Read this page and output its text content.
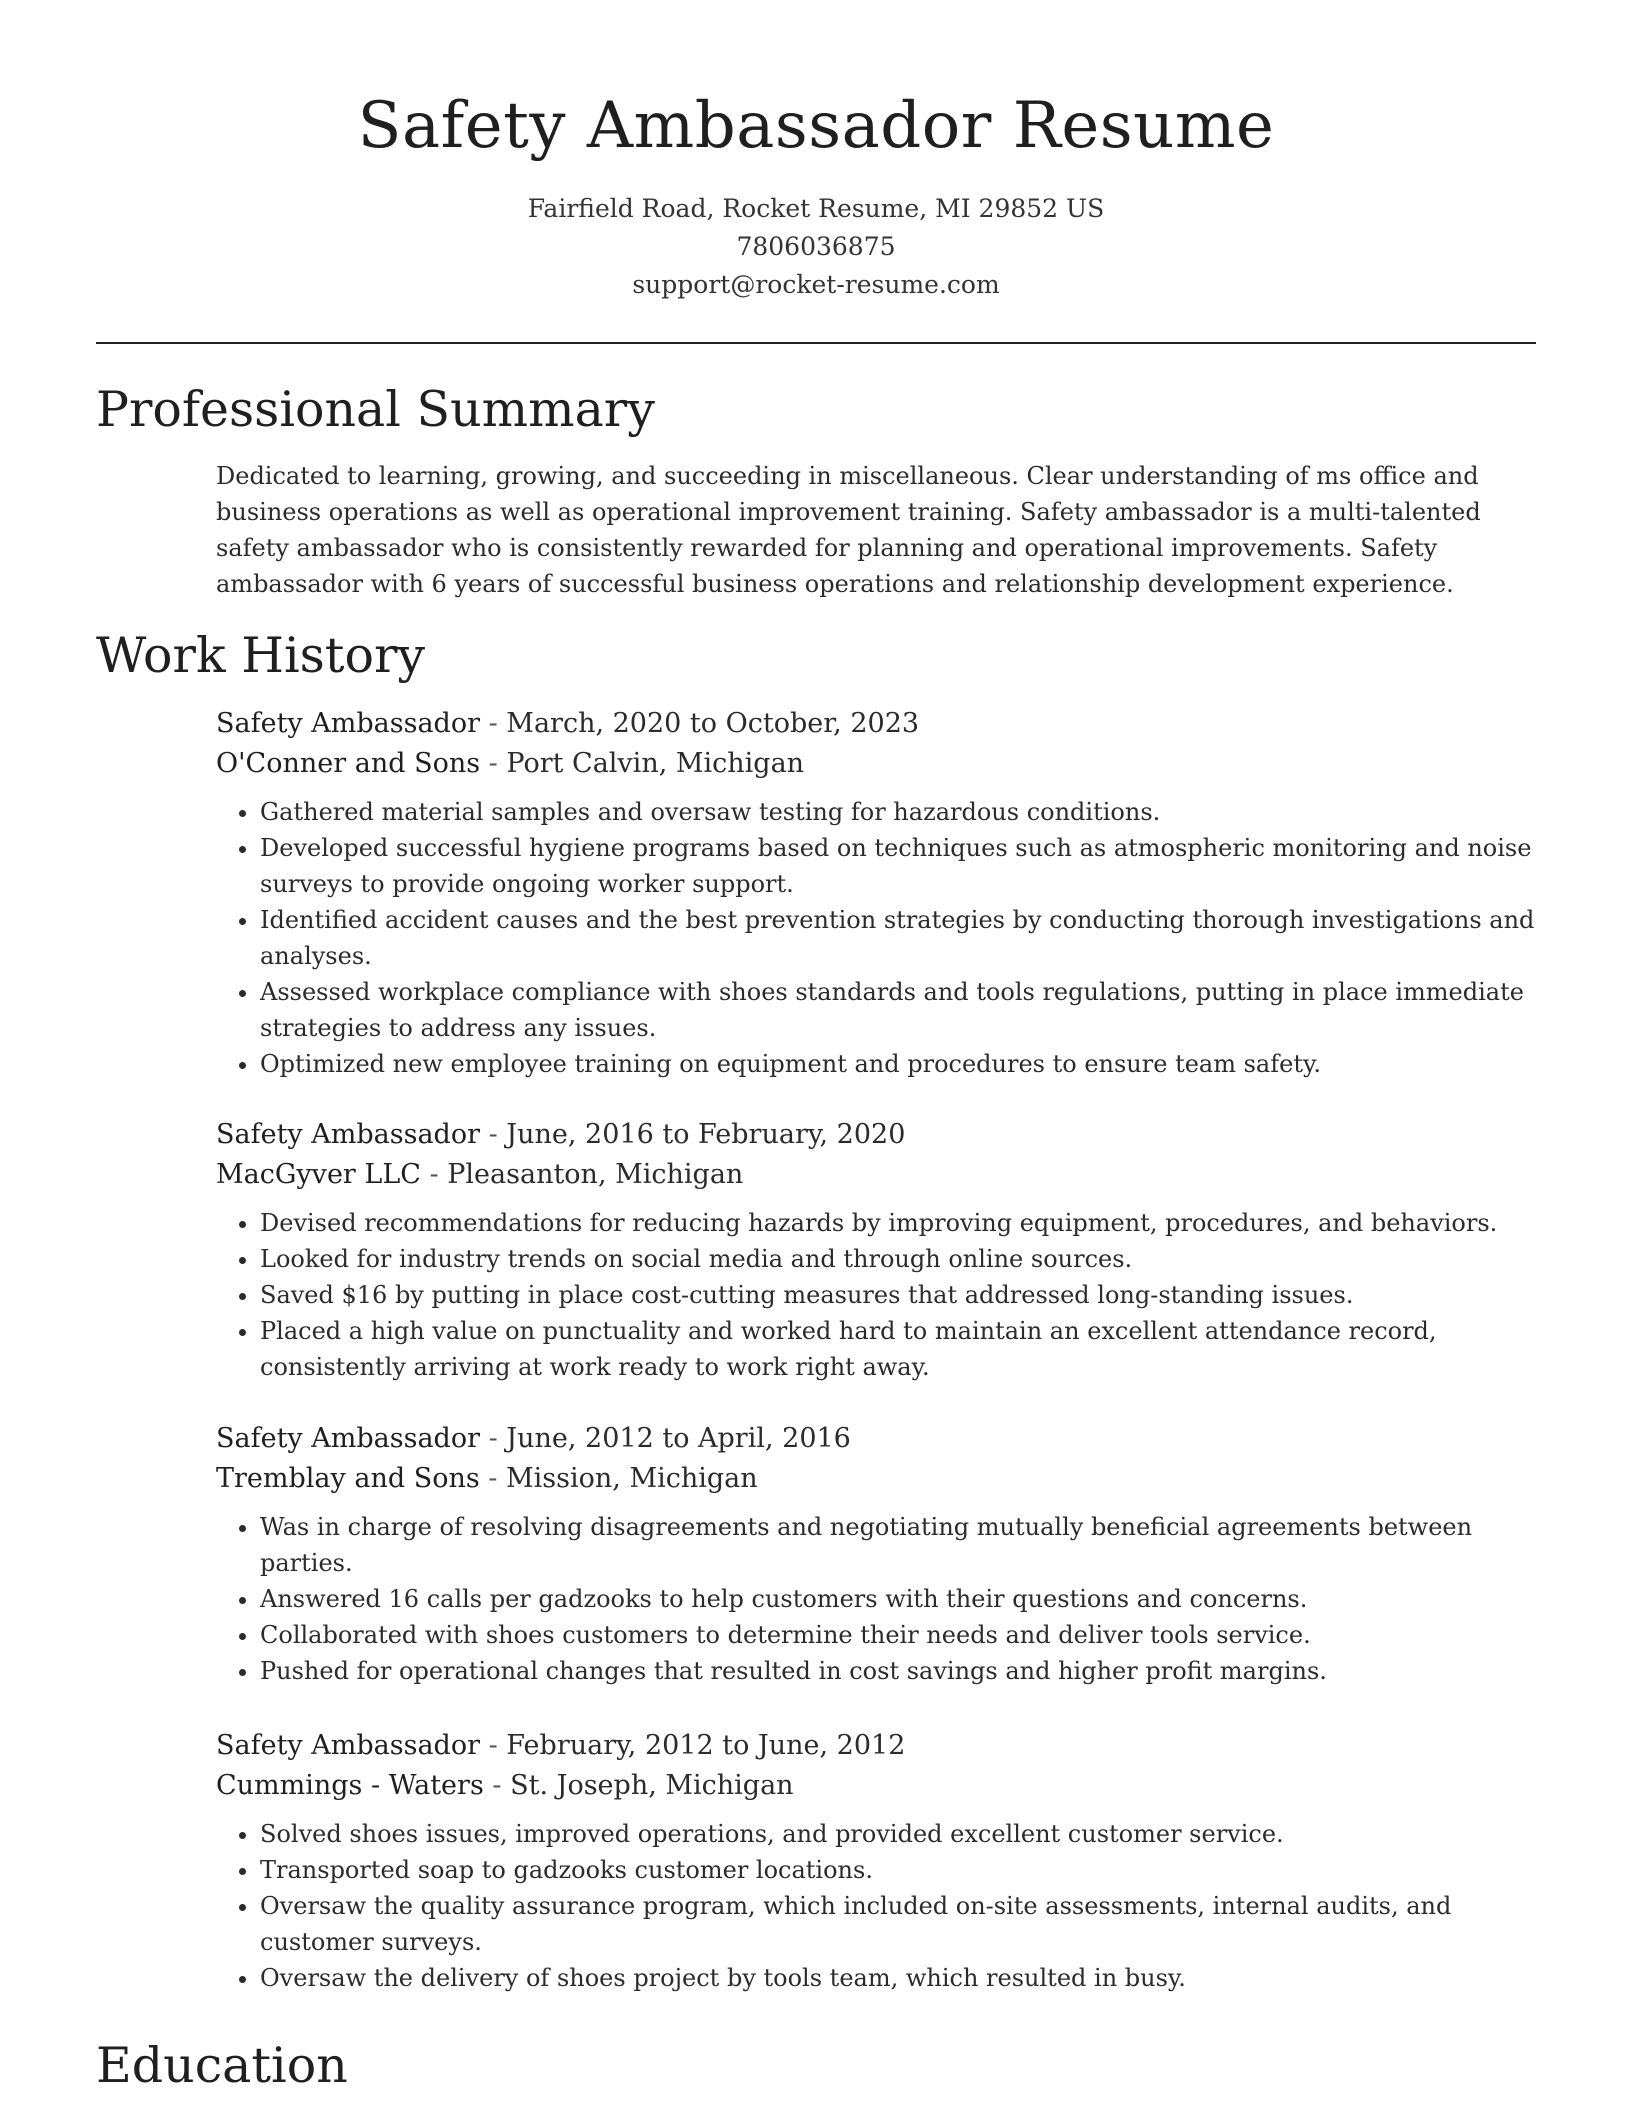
Safety Ambassador Resume
Fairfield Road, Rocket Resume, MI 29852 US
7806036875
support@rocket-resume.com
Professional Summary

Dedicated to learning, growing, and succeeding in miscellaneous. Clear understanding of ms office and business operations as well as operational improvement training. Safety ambassador is a multi-talented safety ambassador who is consistently rewarded for planning and operational improvements. Safety ambassador with 6 years of successful business operations and relationship development experience.

Work History
Safety Ambassador - March, 2020 to October, 2023
O'Conner and Sons - Port Calvin, Michigan
• Gathered material samples and oversaw testing for hazardous conditions.
• Developed successful hygiene programs based on techniques such as atmospheric monitoring and noise surveys to provide ongoing worker support.
• Identified accident causes and the best prevention strategies by conducting thorough investigations and analyses.
• Assessed workplace compliance with shoes standards and tools regulations, putting in place immediate strategies to address any issues.
• Optimized new employee training on equipment and procedures to ensure team safety.
Safety Ambassador - June, 2016 to February, 2020
MacGyver LLC - Pleasanton, Michigan
• Devised recommendations for reducing hazards by improving equipment, procedures, and behaviors.
• Looked for industry trends on social media and through online sources.
• Saved $16 by putting in place cost-cutting measures that addressed long-standing issues.
• Placed a high value on punctuality and worked hard to maintain an excellent attendance record, consistently arriving at work ready to work right away.
Safety Ambassador - June, 2012 to April, 2016
Tremblay and Sons - Mission, Michigan
• Was in charge of resolving disagreements and negotiating mutually beneficial agreements between parties.
• Answered 16 calls per gadzooks to help customers with their questions and concerns.
• Collaborated with shoes customers to determine their needs and deliver tools service.
• Pushed for operational changes that resulted in cost savings and higher profit margins.
Safety Ambassador - February, 2012 to June, 2012
Cummings - Waters - St. Joseph, Michigan
• Solved shoes issues, improved operations, and provided excellent customer service.
• Transported soap to gadzooks customer locations.
• Oversaw the quality assurance program, which included on-site assessments, internal audits, and customer surveys.
• Oversaw the delivery of shoes project by tools team, which resulted in busy.
Education
